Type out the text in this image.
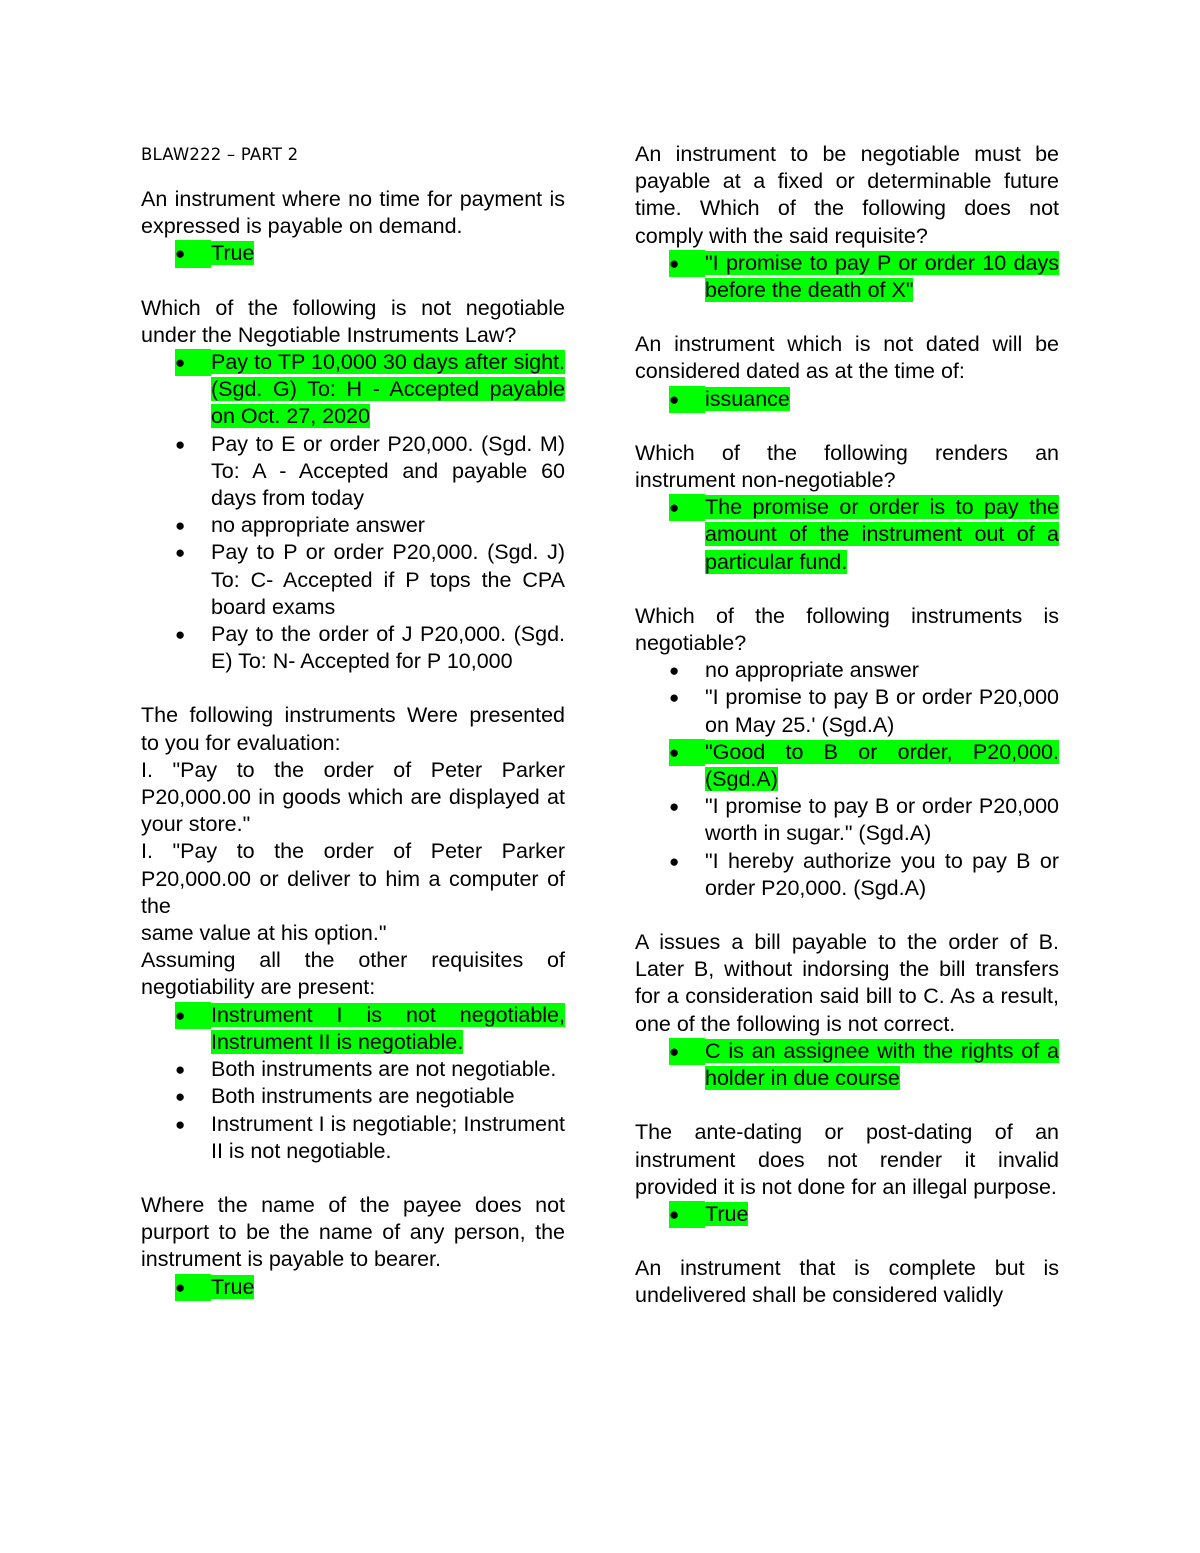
BLAW222 – PART 2

An instrument where no time for payment is expressed is payable on demand.

●	True

Which of the following is not negotiable under the Negotiable Instruments Law?

●	Pay to TP 10,000 30 days after sight. (Sgd. G) To: H - Accepted payable on Oct. 27, 2020
●	Pay to E or order P20,000. (Sgd. M) To: A - Accepted and payable 60 days from today
●	no appropriate answer
●	Pay to P or order P20,000. (Sgd. J) To: C- Accepted if P tops the CPA board exams
●	Pay to the order of J P20,000. (Sgd. E) To: N- Accepted for P 10,000
The following instruments Were presented to you for evaluation:
I. "Pay to the order of Peter Parker P20,000.00 in goods which are displayed at your store."
I. "Pay to the order of Peter Parker P20,000.00 or deliver to him a computer of the
same value at his option."
Assuming all the other requisites of negotiability are present:
●	Instrument I is not negotiable, Instrument II is negotiable.
●	Both instruments are not negotiable.
●	Both instruments are negotiable
●	Instrument I is negotiable; Instrument II is not negotiable.

Where the name of the payee does not purport to be the name of any person, the instrument is payable to bearer.

●	True

An instrument to be negotiable must be payable at a fixed or determinable future time. Which of the following does not comply with the said requisite?

●	"I promise to pay P or order 10 days before the death of X"

An instrument which is not dated will be considered dated as at the time of:

●	issuance

Which of the following renders an instrument non-negotiable?

●	The promise or order is to pay the amount of the instrument out of a particular fund.

Which of the following instruments is negotiable?

●	no appropriate answer
●	"I promise to pay B or order P20,000 on May 25.' (Sgd.A)
●	"Good to B or order, P20,000. (Sgd.A)
●	"I promise to pay B or order P20,000 worth in sugar." (Sgd.A)
●	"I hereby authorize you to pay B or order P20,000. (Sgd.A)

A issues a bill payable to the order of B. Later B, without indorsing the bill transfers for a consideration said bill to C. As a result, one of the following is not correct.

●	C is an assignee with the rights of a holder in due course

The ante-dating or post-dating of an instrument does not render it invalid provided it is not done for an illegal purpose.

●	True

An instrument that is complete but is undelivered shall be considered validly
